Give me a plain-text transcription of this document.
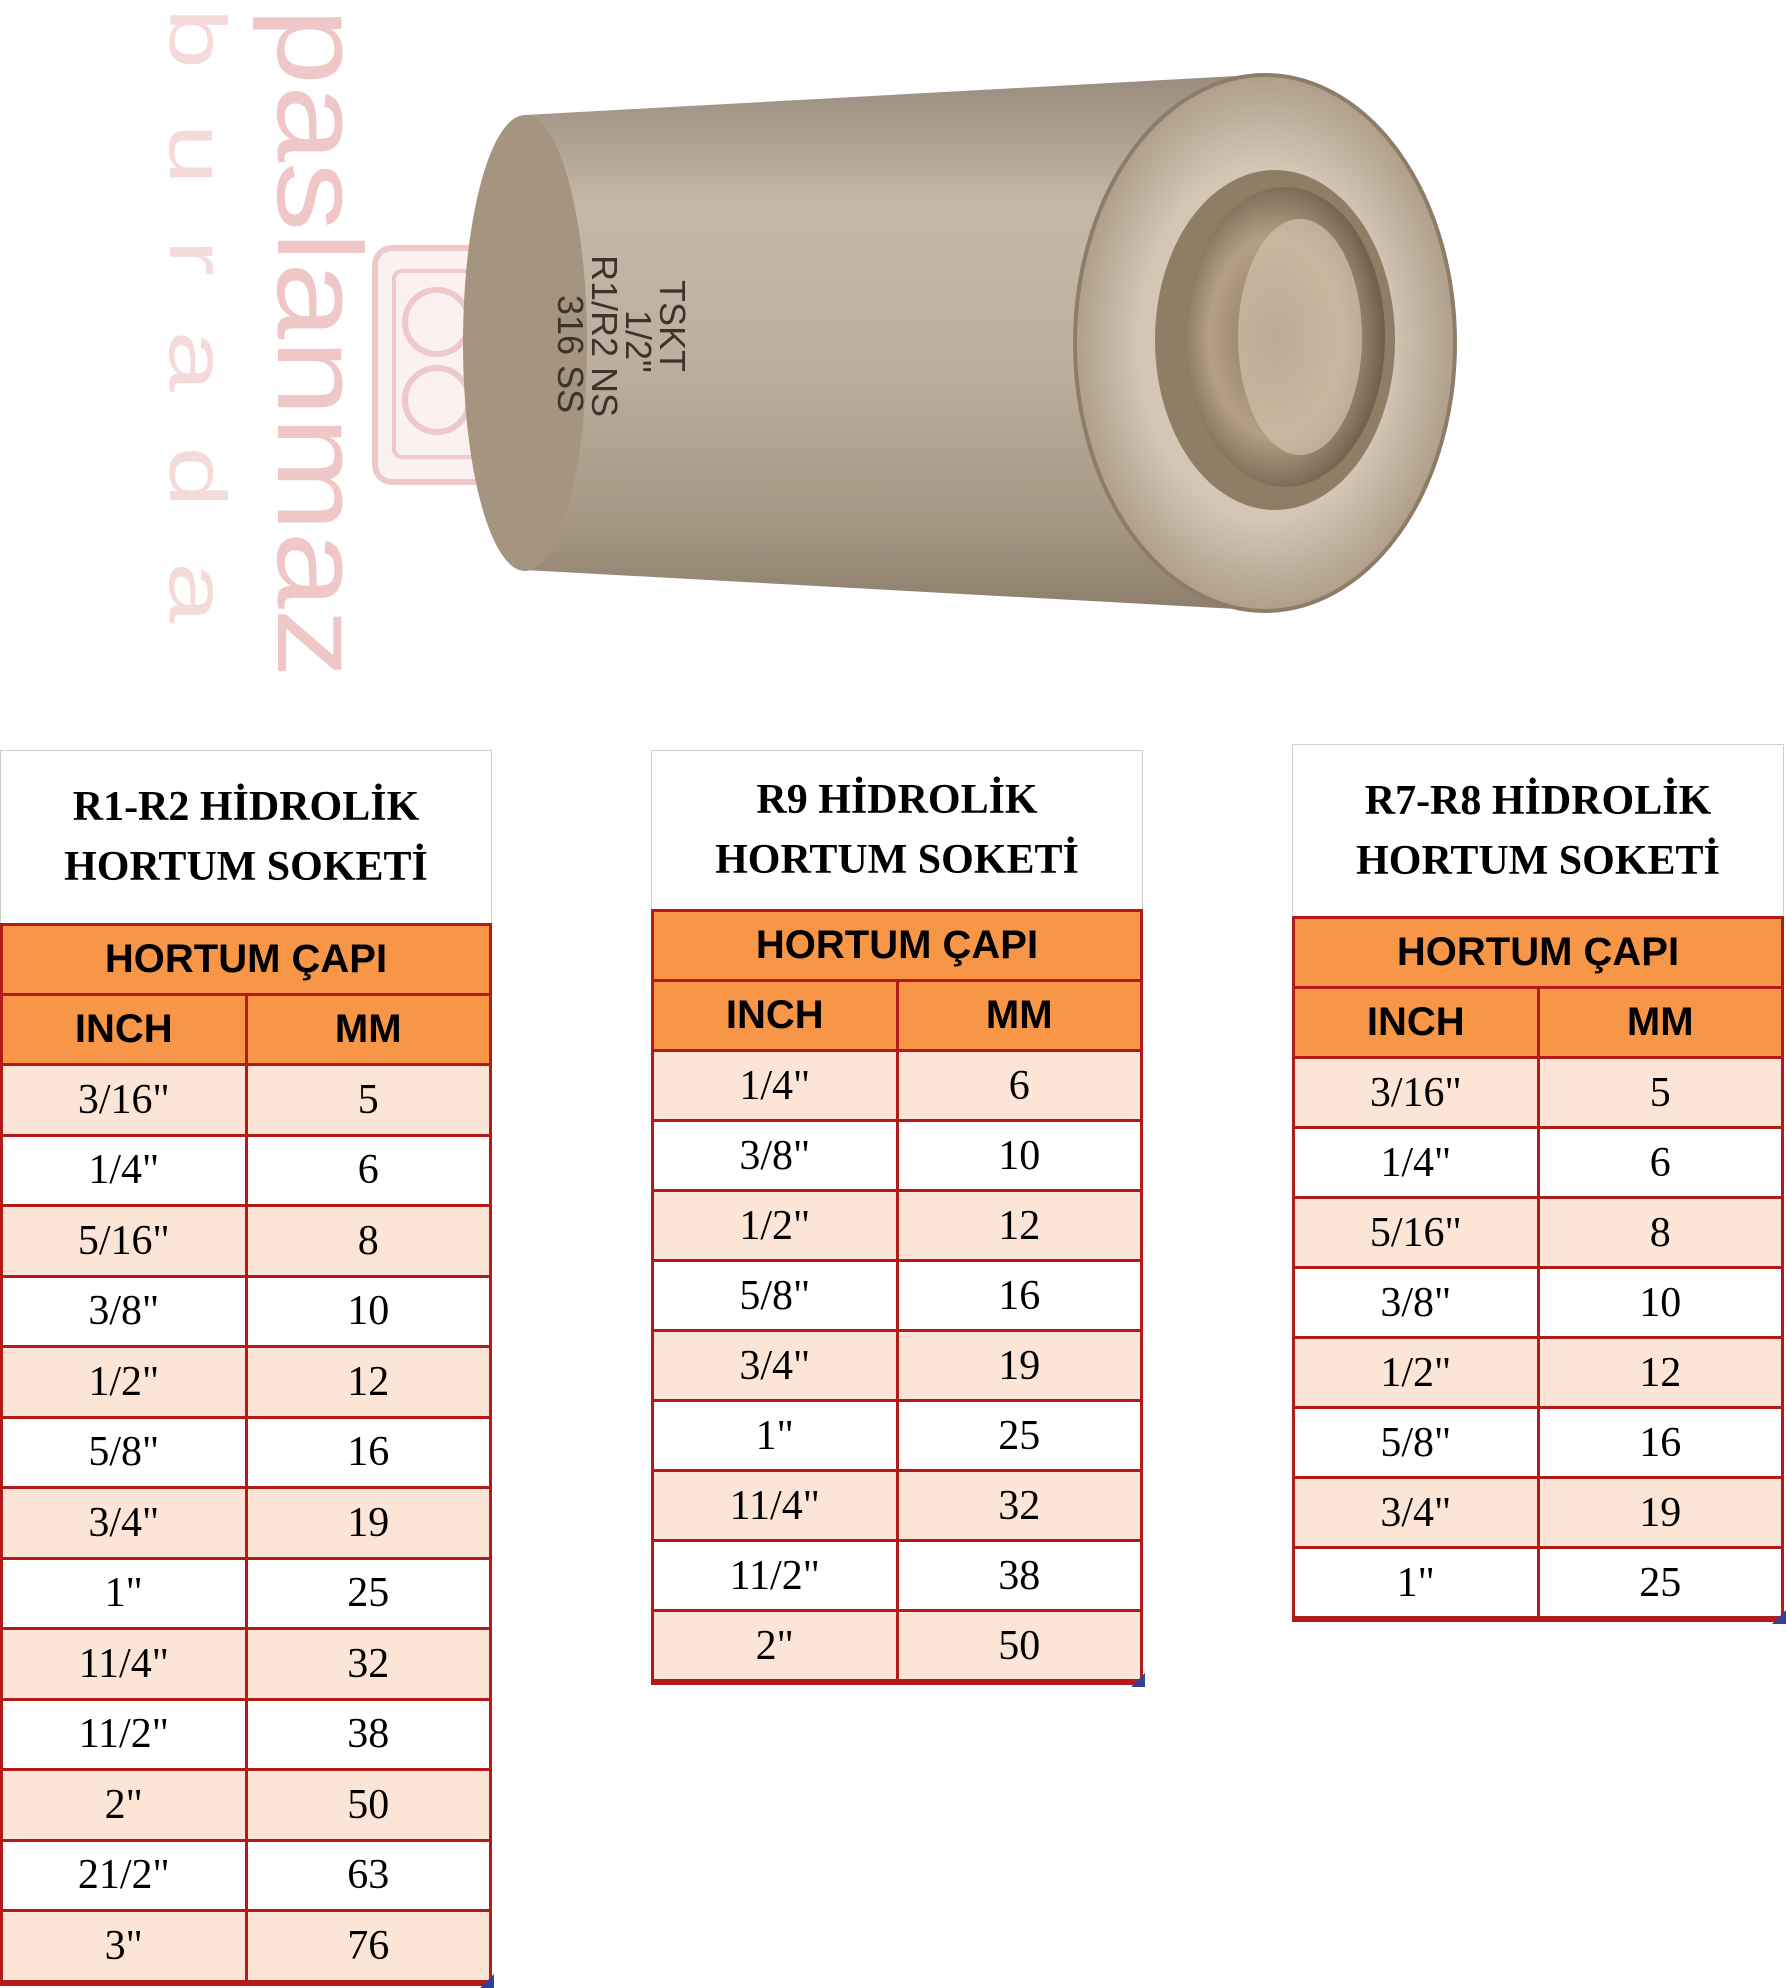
paslanmaz
burada	TSKT
1/2"
R1/R2 NS
316 SS
R1-R2 HİDROLİK
HORTUM SOKETİ
HORTUM ÇAPI
INCH	MM
3/16"	5
1/4"	6
5/16"	8
3/8"	10
1/2"	12
5/8"	16
3/4"	19
1"	25
11/4"	32
11/2"	38
2"	50
21/2"	63
3"	76
R9 HİDROLİK
HORTUM SOKETİ
HORTUM ÇAPI
INCH	MM
1/4"	6
3/8"	10
1/2"	12
5/8"	16
3/4"	19
1"	25
11/4"	32
11/2"	38
2"	50
R7-R8 HİDROLİK
HORTUM SOKETİ
HORTUM ÇAPI
INCH	MM
3/16"	5
1/4"	6
5/16"	8
3/8"	10
1/2"	12
5/8"	16
3/4"	19
1"	25
